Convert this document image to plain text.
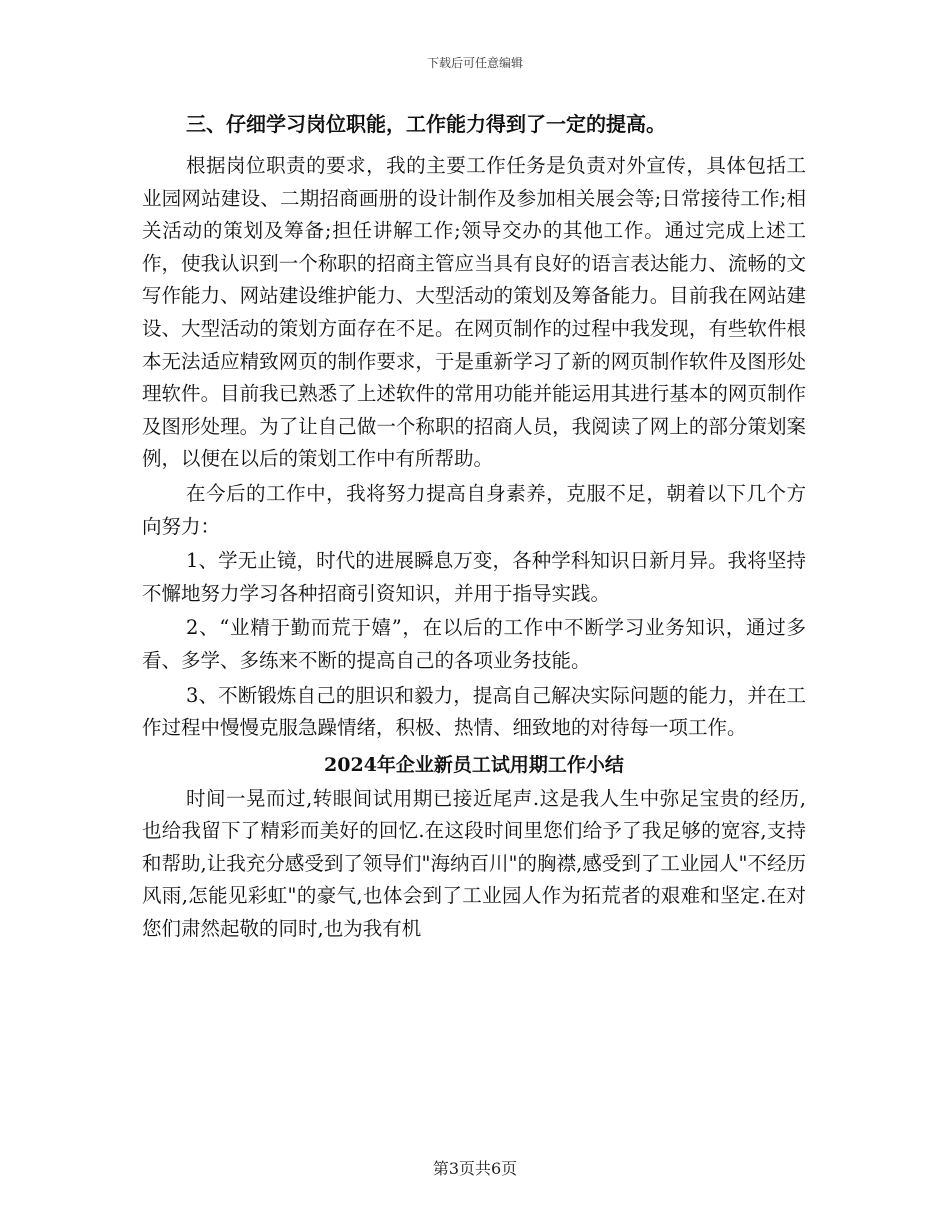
下载后可任意编辑
三、仔细学习岗位职能，工作能力得到了一定的提高。

根据岗位职责的要求，我的主要工作任务是负责对外宣传，具体包括工业园网站建设、二期招商画册的设计制作及参加相关展会等;日常接待工作;相关活动的策划及筹备;担任讲解工作;领导交办的其他工作。通过完成上述工作，使我认识到一个称职的招商主管应当具有良好的语言表达能力、流畅的文写作能力、网站建设维护能力、大型活动的策划及筹备能力。目前我在网站建设、大型活动的策划方面存在不足。在网页制作的过程中我发现，有些软件根本无法适应精致网页的制作要求，于是重新学习了新的网页制作软件及图形处理软件。目前我已熟悉了上述软件的常用功能并能运用其进行基本的网页制作及图形处理。为了让自己做一个称职的招商人员，我阅读了网上的部分策划案例，以便在以后的策划工作中有所帮助。

在今后的工作中，我将努力提高自身素养，克服不足，朝着以下几个方向努力：

1、学无止镜，时代的进展瞬息万变，各种学科知识日新月异。我将坚持不懈地努力学习各种招商引资知识，并用于指导实践。

2、“业精于勤而荒于嬉”，在以后的工作中不断学习业务知识，通过多看、多学、多练来不断的提高自己的各项业务技能。

3、不断锻炼自己的胆识和毅力，提高自己解决实际问题的能力，并在工作过程中慢慢克服急躁情绪，积极、热情、细致地的对待每一项工作。

2024年企业新员工试用期工作小结

时间一晃而过,转眼间试用期已接近尾声.这是我人生中弥足宝贵的经历,也给我留下了精彩而美好的回忆.在这段时间里您们给予了我足够的宽容,支持和帮助,让我充分感受到了领导们"海纳百川"的胸襟,感受到了工业园人"不经历风雨,怎能见彩虹"的豪气,也体会到了工业园人作为拓荒者的艰难和坚定.在对您们肃然起敬的同时,也为我有机

第3页共6页
